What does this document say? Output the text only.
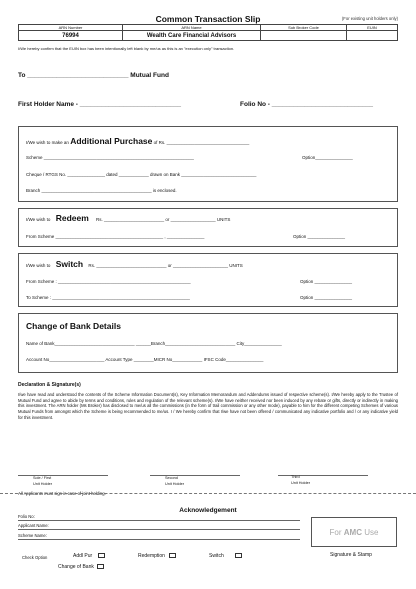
Common Transaction Slip	(For existing unit holders only)
ARN Number	ARN Name	Sub Broker Code	EUIN
76994	Wealth Care Financial Advisors		
I/We hereby confirm that the EUIN box has been intentionally left blank by me/us as this is an "execution only" transaction.
To ____________________________ Mutual Fund
First Holder Name - ____________________________	Folio No - ____________________________
I/We wish to make an Additional Purchase of Rs. _________________________________
Scheme ____________________________________________________________	Option_______________
Cheque / RTGS No. _______________ dated ____________ drawn on Bank ______________________________
Branch ____________________________________________ is enclosed.
I/We wish to Redeem Rs. ________________________ or __________________ UNITS
From Scheme ___________________________________________ , _______________	Option _______________
I/We wish to Switch Rs. ____________________________ or ______________________ UNITS
From Scheme : _____________________________________________________	Option _______________
To Scheme : _______________________________________________________	Option _______________
Change of Bank Details
Name of Bank________________________________ ______Branch____________________________ City_______________
Account No______________________ Account Type ________MICR No____________ IFSC Code_______________
Declaration & Signature(s)
I/we have read and understood the contents of the Scheme Information Document(s), Key Information Memorandum and Addendums issued of respective scheme(s). I/We hereby apply to the Trustee of Mutual Fund and agree to abide by terms and conditions, rules and regulation of the relevant scheme(s). I/We have neither received nor been induced by any rebate or gifts, directly or indirectly in making this investment. The ARN holder (Ms Broker) has disclosed to me/us all the commissions (in the form of trail commission or any other mode), payable to him for the different competing Schemes of various Mutual Funds from amongst which the Scheme is being recommended to me/us. I / We hereby confirm that I/we have not been offered / communicated any indicative portfolio and / or any indicative yield for this investment.
Sole / First
Unit Holder
Second
Unit Holder
Third
Unit Holder
All Applicants must sign in case of joint holding.
Acknowledgement
Folio No:
Applicant Name:
Scheme Name:	For AMC Use
Signature & Stamp
Check Option	Addl Pur	Redemption	Switch
Change of Bank
